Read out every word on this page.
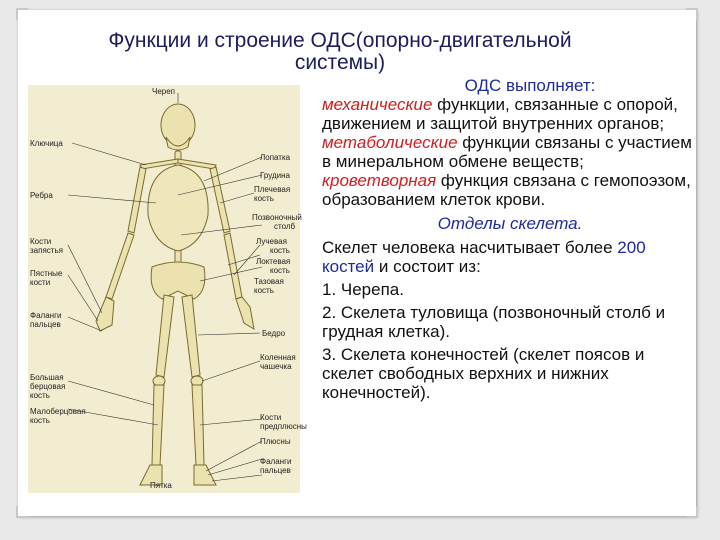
Функции и строение ОДС(опорно-двигательной
системы)
Череп
Ключица
Лопатка
Грудина
Плечевая
кость
Ребра
Позвоночный
столб
Кости
запястья
Лучевая
кость
Локтевая
кость
Тазовая кость
Пястные
кости
Фаланги
пальцев
Бедро
Коленная
чашечка
Большая
берцовая
кость
Малоберцовая
кость	Кости
предплюсны
Плюсны
Фаланги
пальцев
Пятка

ОДС выполняет:

механические функции, связанные с опорой, движением и защитой внутренних органов;

метаболические функции связаны с участием в минеральном обмене веществ;

кроветворная функция связана с гемопоэзом, образованием клеток крови.

Отделы скелета.

Скелет человека насчитывает более 200 костей и состоит из:

1. Черепа.

2. Скелета туловища (позвоночный столб и грудная клетка).

3. Скелета конечностей (скелет поясов и скелет свободных верхних и нижних конечностей).
